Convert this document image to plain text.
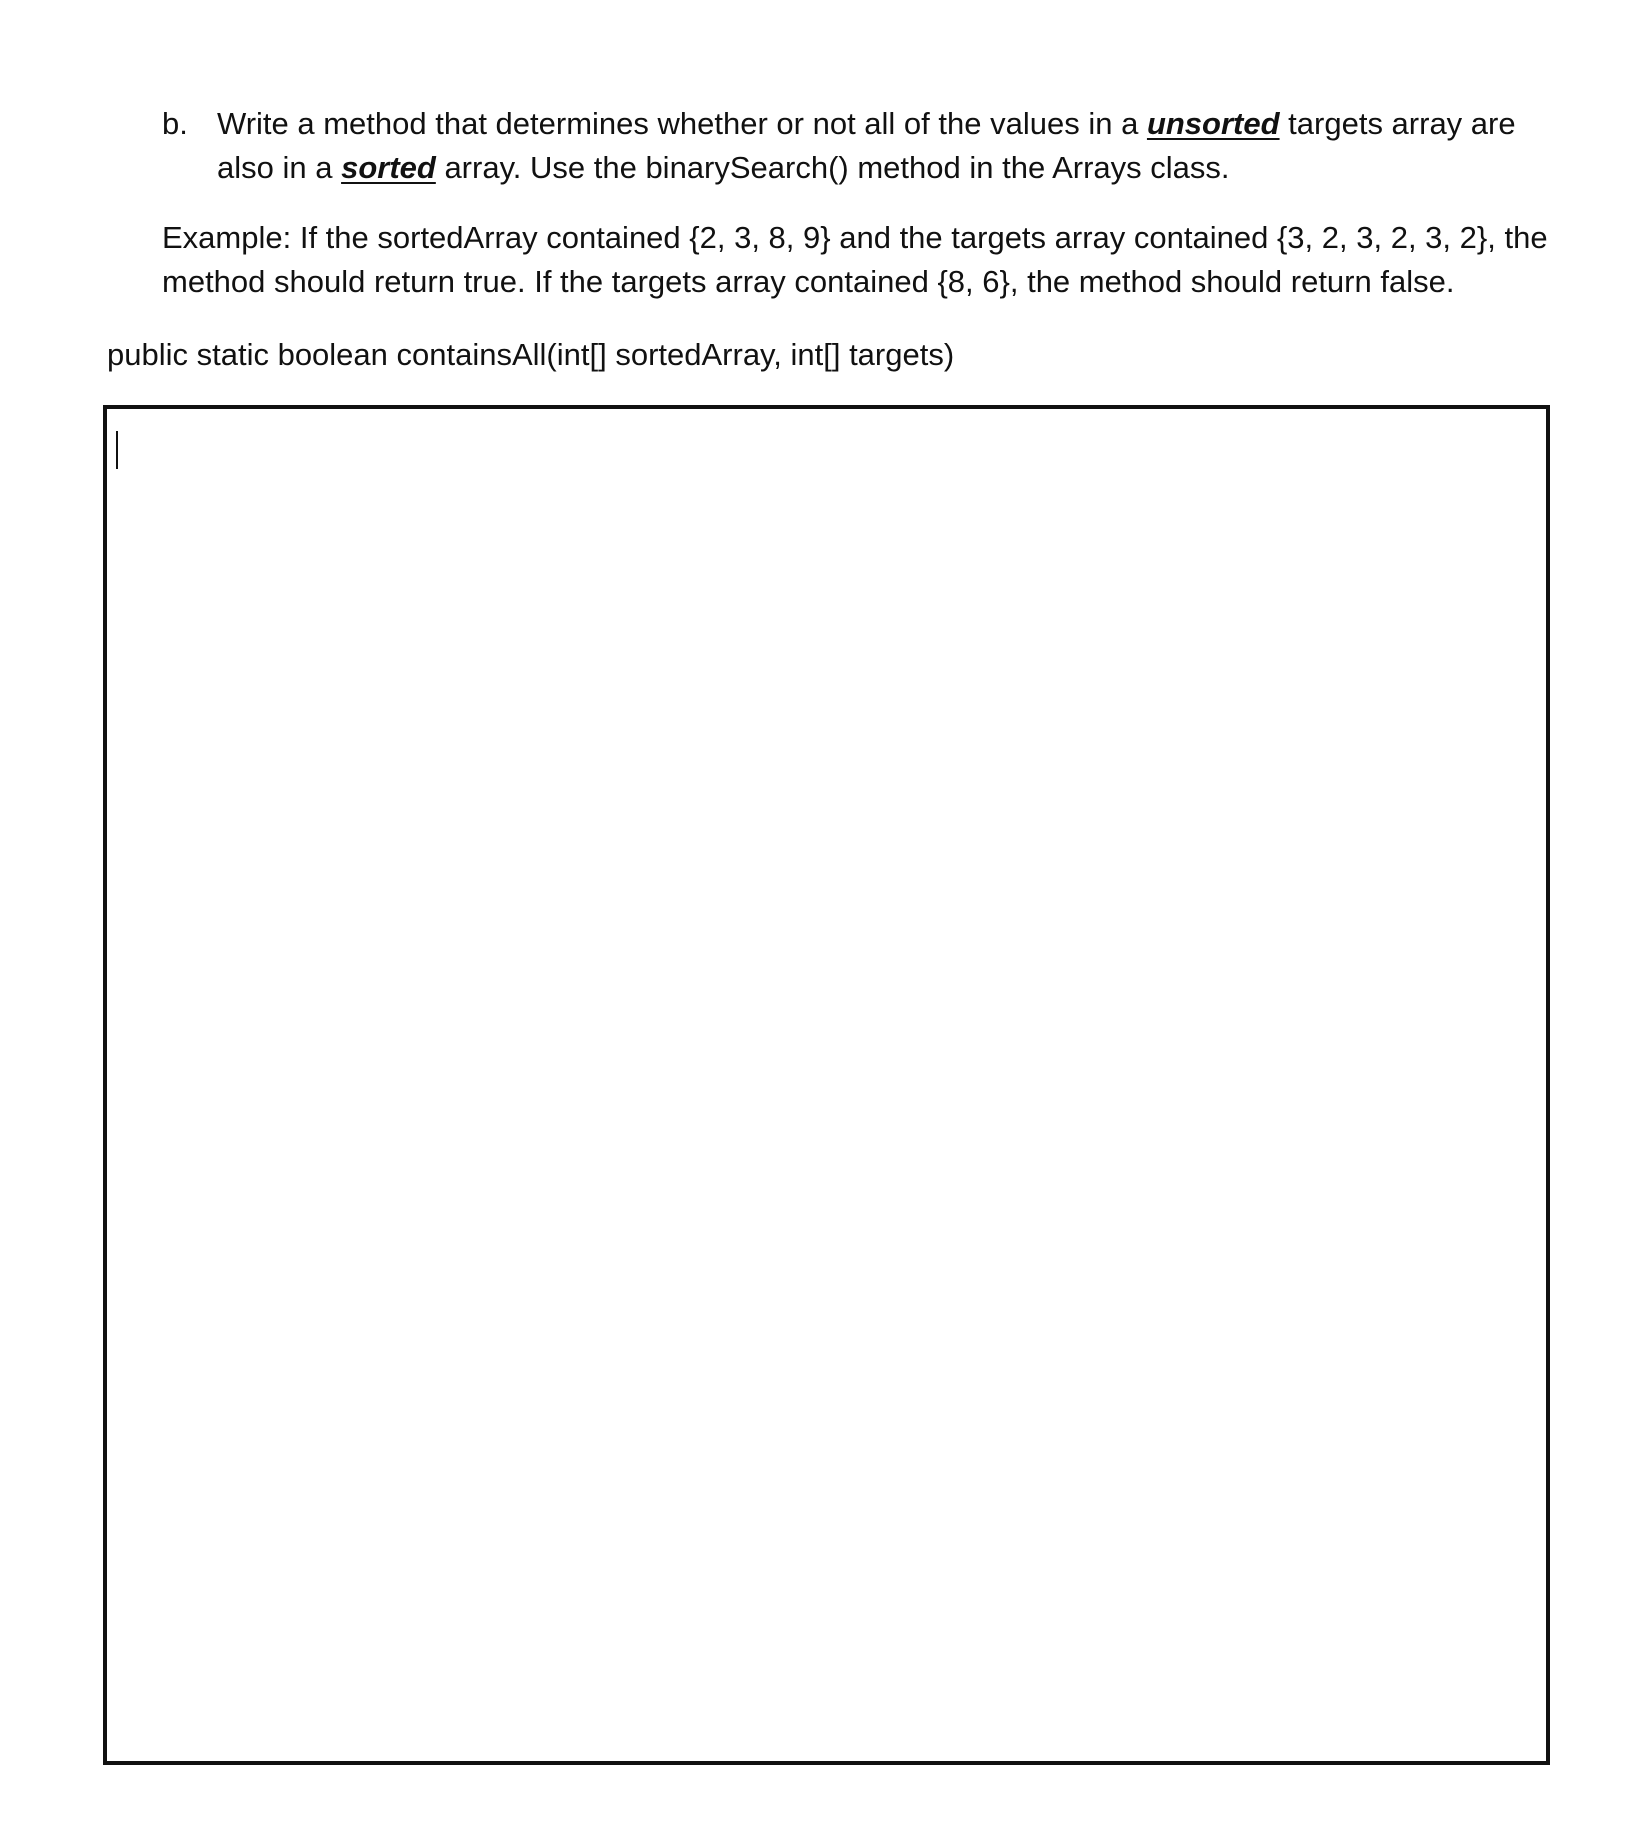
b. Write a method that determines whether or not all of the values in a unsorted targets array are also in a sorted array. Use the binarySearch() method in the Arrays class.
Example: If the sortedArray contained {2, 3, 8, 9} and the targets array contained {3, 2, 3, 2, 3, 2}, the method should return true. If the targets array contained {8, 6}, the method should return false.
public static boolean containsAll(int[] sortedArray, int[] targets)
